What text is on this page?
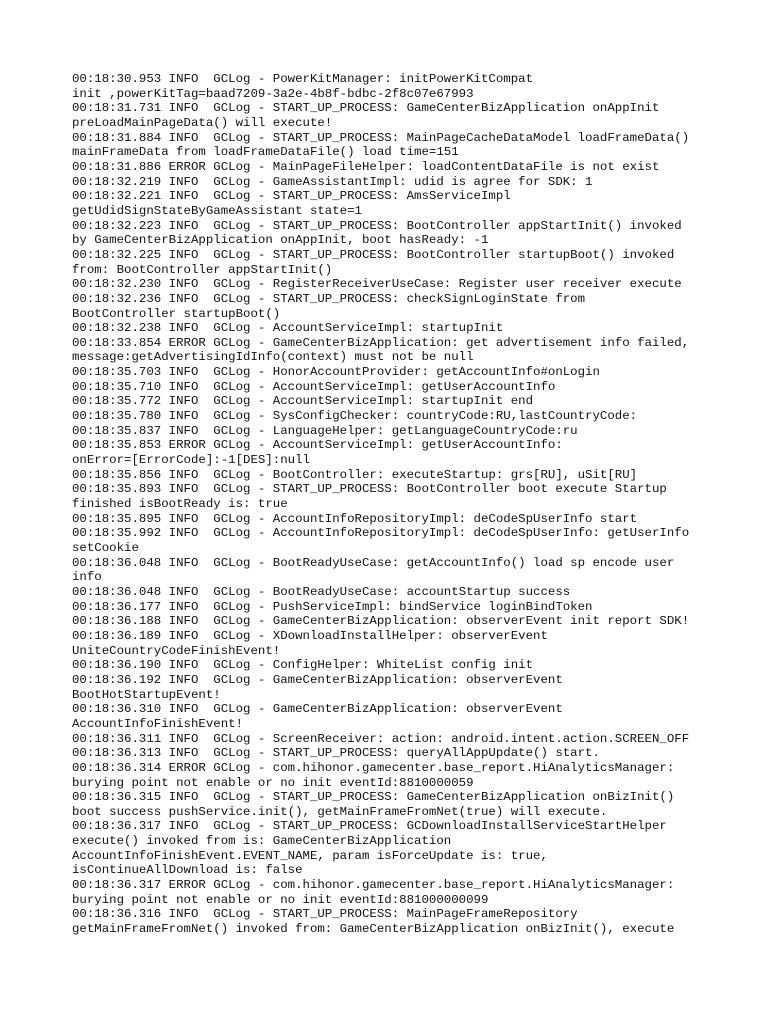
00:18:30.953 INFO  GCLog - PowerKitManager: initPowerKitCompat
init ,powerKitTag=baad7209-3a2e-4b8f-bdbc-2f8c07e67993
00:18:31.731 INFO  GCLog - START_UP_PROCESS: GameCenterBizApplication onAppInit
preLoadMainPageData() will execute!
00:18:31.884 INFO  GCLog - START_UP_PROCESS: MainPageCacheDataModel loadFrameData()
mainFrameData from loadFrameDataFile() load time=151
00:18:31.886 ERROR GCLog - MainPageFileHelper: loadContentDataFile is not exist
00:18:32.219 INFO  GCLog - GameAssistantImpl: udid is agree for SDK: 1
00:18:32.221 INFO  GCLog - START_UP_PROCESS: AmsServiceImpl
getUdidSignStateByGameAssistant state=1
00:18:32.223 INFO  GCLog - START_UP_PROCESS: BootController appStartInit() invoked
by GameCenterBizApplication onAppInit, boot hasReady: -1
00:18:32.225 INFO  GCLog - START_UP_PROCESS: BootController startupBoot() invoked
from: BootController appStartInit()
00:18:32.230 INFO  GCLog - RegisterReceiverUseCase: Register user receiver execute
00:18:32.236 INFO  GCLog - START_UP_PROCESS: checkSignLoginState from
BootController startupBoot()
00:18:32.238 INFO  GCLog - AccountServiceImpl: startupInit
00:18:33.854 ERROR GCLog - GameCenterBizApplication: get advertisement info failed,
message:getAdvertisingIdInfo(context) must not be null
00:18:35.703 INFO  GCLog - HonorAccountProvider: getAccountInfo#onLogin
00:18:35.710 INFO  GCLog - AccountServiceImpl: getUserAccountInfo
00:18:35.772 INFO  GCLog - AccountServiceImpl: startupInit end
00:18:35.780 INFO  GCLog - SysConfigChecker: countryCode:RU,lastCountryCode:
00:18:35.837 INFO  GCLog - LanguageHelper: getLanguageCountryCode:ru
00:18:35.853 ERROR GCLog - AccountServiceImpl: getUserAccountInfo:
onError=[ErrorCode]:-1[DES]:null
00:18:35.856 INFO  GCLog - BootController: executeStartup: grs[RU], uSit[RU]
00:18:35.893 INFO  GCLog - START_UP_PROCESS: BootController boot execute Startup
finished isBootReady is: true
00:18:35.895 INFO  GCLog - AccountInfoRepositoryImpl: deCodeSpUserInfo start
00:18:35.992 INFO  GCLog - AccountInfoRepositoryImpl: deCodeSpUserInfo: getUserInfo
setCookie
00:18:36.048 INFO  GCLog - BootReadyUseCase: getAccountInfo() load sp encode user
info
00:18:36.048 INFO  GCLog - BootReadyUseCase: accountStartup success
00:18:36.177 INFO  GCLog - PushServiceImpl: bindService loginBindToken
00:18:36.188 INFO  GCLog - GameCenterBizApplication: observerEvent init report SDK!
00:18:36.189 INFO  GCLog - XDownloadInstallHelper: observerEvent
UniteCountryCodeFinishEvent!
00:18:36.190 INFO  GCLog - ConfigHelper: WhiteList config init
00:18:36.192 INFO  GCLog - GameCenterBizApplication: observerEvent
BootHotStartupEvent!
00:18:36.310 INFO  GCLog - GameCenterBizApplication: observerEvent
AccountInfoFinishEvent!
00:18:36.311 INFO  GCLog - ScreenReceiver: action: android.intent.action.SCREEN_OFF
00:18:36.313 INFO  GCLog - START_UP_PROCESS: queryAllAppUpdate() start.
00:18:36.314 ERROR GCLog - com.hihonor.gamecenter.base_report.HiAnalyticsManager:
burying point not enable or no init eventId:8810000059
00:18:36.315 INFO  GCLog - START_UP_PROCESS: GameCenterBizApplication onBizInit()
boot success pushService.init(), getMainFrameFromNet(true) will execute.
00:18:36.317 INFO  GCLog - START_UP_PROCESS: GCDownloadInstallServiceStartHelper
execute() invoked from is: GameCenterBizApplication
AccountInfoFinishEvent.EVENT_NAME, param isForceUpdate is: true,
isContinueAllDownload is: false
00:18:36.317 ERROR GCLog - com.hihonor.gamecenter.base_report.HiAnalyticsManager:
burying point not enable or no init eventId:881000000099
00:18:36.316 INFO  GCLog - START_UP_PROCESS: MainPageFrameRepository
getMainFrameFromNet() invoked from: GameCenterBizApplication onBizInit(), execute
